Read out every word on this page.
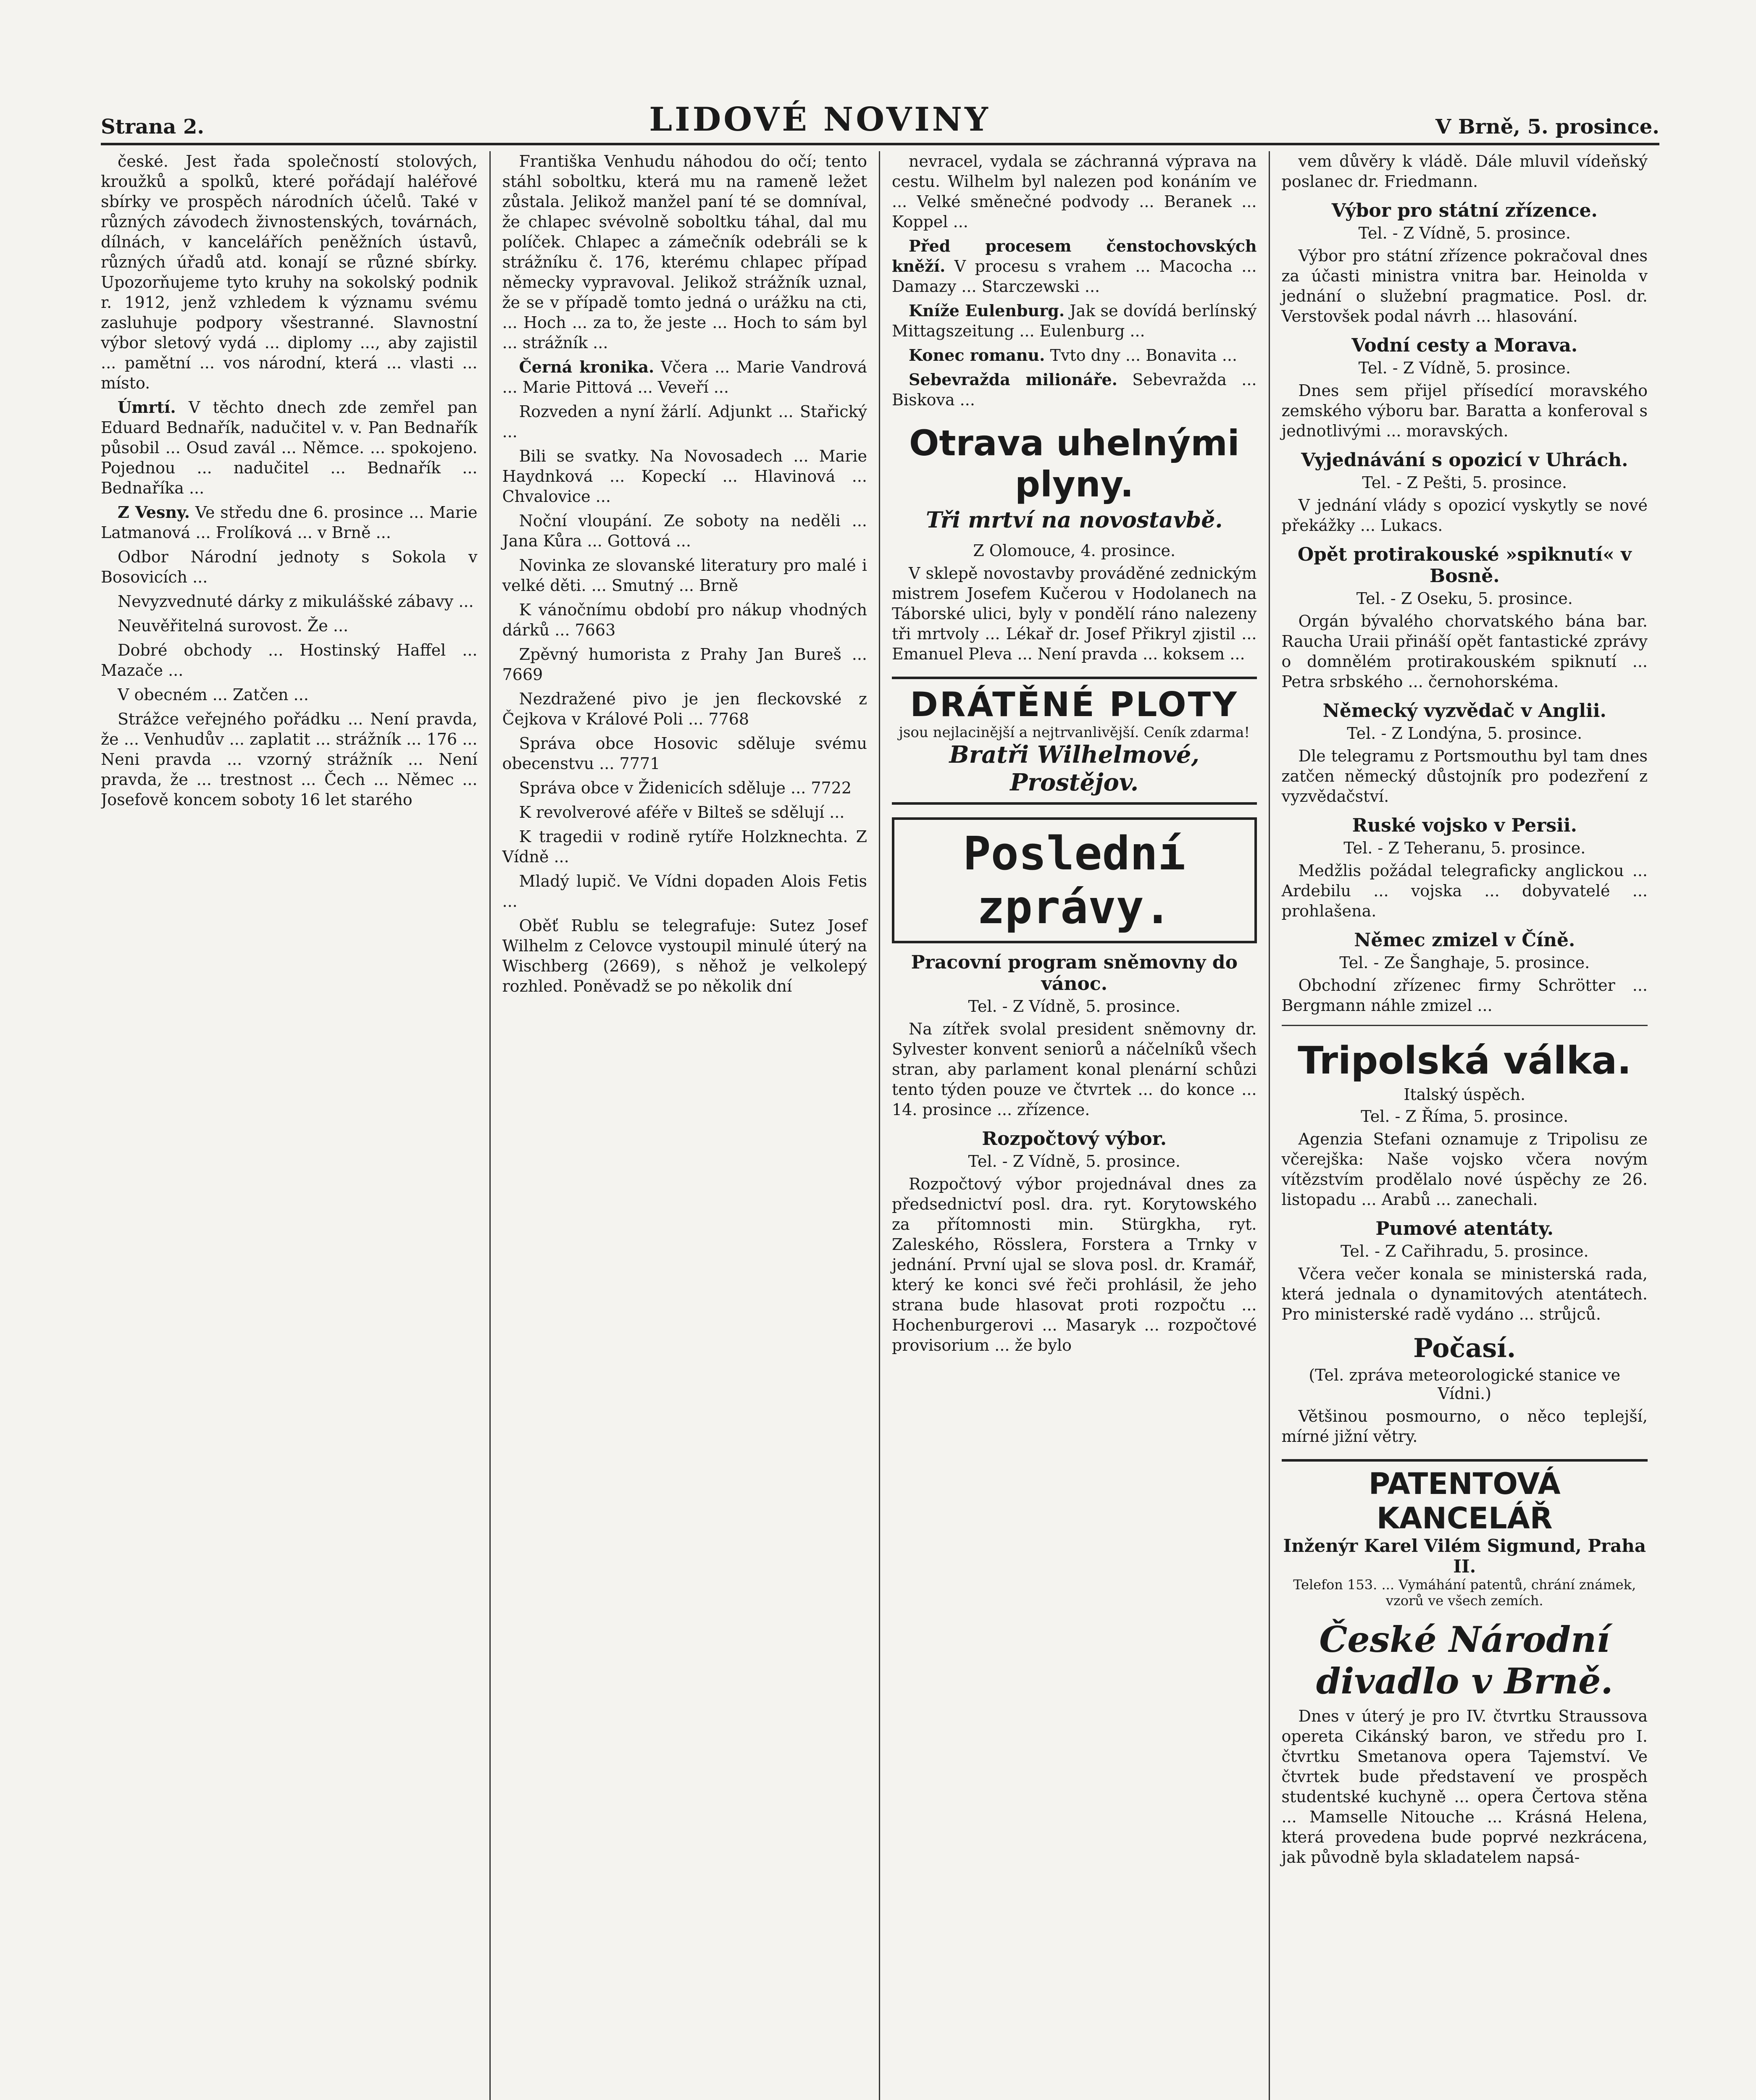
Strana 2.	LIDOVÉ NOVINY	V Brně, 5. prosince.

české. Jest řada společností stolových, kroužků a spolků, které pořádají haléřové sbírky ve prospěch národních účelů. Také v různých závodech živnostenských, továrnách, dílnách, v kancelářích peněžních ústavů, různých úřadů atd. konají se různé sbírky. Upozorňujeme tyto kruhy na sokolský podnik r. 1912, jenž vzhledem k významu svému zasluhuje podpory všestranné. Slavnostní výbor sletový vydá ... diplomy ..., aby zajistil ... pamětní ... vos národní, která ... vlasti ... místo.

Úmrtí. V těchto dnech zde zemřel pan Eduard Bednařík, nadučitel v. v. Pan Bednařík působil ... Osud zavál ... Němce. ... spokojeno. Pojednou ... nadučitel ... Bednařík ... Bednaříka ...

Z Vesny. Ve středu dne 6. prosince ... Marie Latmanová ... Frolíková ... v Brně ...

Odbor Národní jednoty s Sokola v Bosovicích ...

Nevyzvednuté dárky z mikulášské zábavy ...

Neuvěřitelná surovost. Že ...

Dobré obchody ... Hostinský Haffel ... Mazače ...

V obecném ... Zatčen ...

Strážce veřejného pořádku ... Není pravda, že ... Venhudův ... zaplatit ... strážník ... 176 ... Neni pravda ... vzorný strážník ... Není pravda, že ... trestnost ... Čech ... Němec ... Josefově koncem soboty 16 let starého

Františka Venhudu náhodou do očí; tento stáhl soboltku, která mu na rameně ležet zůstala. Jelikož manžel paní té se domníval, že chlapec svévolně soboltku táhal, dal mu políček. Chlapec a zámečník odebráli se k strážníku č. 176, kterému chlapec případ německy vypravoval. Jelikož strážník uznal, že se v případě tomto jedná o urážku na cti, ... Hoch ... za to, že jeste ... Hoch to sám byl ... strážník ...

Černá kronika. Včera ... Marie Vandrová ... Marie Pittová ... Veveří ...

Rozveden a nyní žárlí. Adjunkt ... Stařický ...

Bili se svatky. Na Novosadech ... Marie Haydnková ... Kopeckí ... Hlavinová ... Chvalovice ...

Noční vloupání. Ze soboty na neděli ... Jana Kůra ... Gottová ...

Novinka ze slovanské literatury pro malé i velké děti. ... Smutný ... Brně

K vánočnímu období pro nákup vhodných dárků ... 7663

Zpěvný humorista z Prahy Jan Bureš ... 7669

Nezdražené pivo je jen fleckovské z Čejkova v Králové Poli ... 7768

Správa obce Hosovic sděluje svému obecenstvu ... 7771

Správa obce v Židenicích sděluje ... 7722

K revolverové aféře v Bilteš se sdělují ...

K tragedii v rodině rytíře Holzknechta. Z Vídně ...

Mladý lupič. Ve Vídni dopaden Alois Fetis ...

Oběť Rublu se telegrafuje: Sutez Josef Wilhelm z Celovce vystoupil minulé úterý na Wischberg (2669), s něhož je velkolepý rozhled. Poněvadž se po několik dní

nevracel, vydala se záchranná výprava na cestu. Wilhelm byl nalezen pod konáním ve ... Velké směnečné podvody ... Beranek ... Koppel ...

Před procesem čenstochovských kněží. V procesu s vrahem ... Macocha ... Damazy ... Starczewski ...

Kníže Eulenburg. Jak se dovídá berlínský Mittagszeitung ... Eulenburg ...

Konec romanu. Tvto dny ... Bonavita ...

Sebevražda milionáře. Sebevražda ... Biskova ...

Otrava uhelnými plyny.
Tři mrtví na novostavbě.
Z Olomouce, 4. prosince.

V sklepě novostavby prováděné zednickým mistrem Josefem Kučerou v Hodolanech na Táborské ulici, byly v pondělí ráno nalezeny tři mrtvoly ... Lékař dr. Josef Přikryl zjistil ... Emanuel Pleva ... Není pravda ... koksem ...

DRÁTĚNÉ PLOTY
jsou nejlacinější a nejtrvanlivější. Ceník zdarma!
Bratři Wilhelmové, Prostějov.
Poslední zprávy.
Pracovní program sněmovny do vánoc.
Tel. - Z Vídně, 5. prosince.

Na zítřek svolal president sněmovny dr. Sylvester konvent seniorů a náčelníků všech stran, aby parlament konal plenární schůzi tento týden pouze ve čtvrtek ... do konce ... 14. prosince ... zřízence.

Rozpočtový výbor.
Tel. - Z Vídně, 5. prosince.

Rozpočtový výbor projednával dnes za předsednictví posl. dra. ryt. Korytowského za přítomnosti min. Stürgkha, ryt. Zaleského, Rösslera, Forstera a Trnky v jednání. První ujal se slova posl. dr. Kramář, který ke konci své řeči prohlásil, že jeho strana bude hlasovat proti rozpočtu ... Hochenburgerovi ... Masaryk ... rozpočtové provisorium ... že bylo

vem důvěry k vládě. Dále mluvil vídeňský poslanec dr. Friedmann.

Výbor pro státní zřízence.
Tel. - Z Vídně, 5. prosince.

Výbor pro státní zřízence pokračoval dnes za účasti ministra vnitra bar. Heinolda v jednání o služební pragmatice. Posl. dr. Verstovšek podal návrh ... hlasování.

Vodní cesty a Morava.
Tel. - Z Vídně, 5. prosince.

Dnes sem přijel přísedící moravského zemského výboru bar. Baratta a konferoval s jednotlivými ... moravských.

Vyjednávání s opozicí v Uhrách.
Tel. - Z Pešti, 5. prosince.

V jednání vlády s opozicí vyskytly se nové překážky ... Lukacs.

Opět protirakouské »spiknutí« v Bosně.
Tel. - Z Oseku, 5. prosince.

Orgán bývalého chorvatského bána bar. Raucha Uraii přináší opět fantastické zprávy o domnělém protirakouském spiknutí ... Petra srbského ... černohorskéma.

Německý vyzvědač v Anglii.
Tel. - Z Londýna, 5. prosince.

Dle telegramu z Portsmouthu byl tam dnes zatčen německý důstojník pro podezření z vyzvědačství.

Ruské vojsko v Persii.
Tel. - Z Teheranu, 5. prosince.

Medžlis požádal telegraficky anglickou ... Ardebilu ... vojska ... dobyvatelé ... prohlašena.

Němec zmizel v Číně.
Tel. - Ze Šanghaje, 5. prosince.

Obchodní zřízenec firmy Schrötter ... Bergmann náhle zmizel ...

Tripolská válka.
Italský úspěch.
Tel. - Z Říma, 5. prosince.

Agenzia Stefani oznamuje z Tripolisu ze včerejška: Naše vojsko včera novým vítězstvím prodělalo nové úspěchy ze 26. listopadu ... Arabů ... zanechali.

Pumové atentáty.
Tel. - Z Cařihradu, 5. prosince.

Včera večer konala se ministerská rada, která jednala o dynamitových atentátech. Pro ministerské radě vydáno ... strůjců.

Počasí.
(Tel. zpráva meteorologické stanice ve Vídni.)

Většinou posmourno, o něco teplejší, mírné jižní větry.

PATENTOVÁ KANCELÁŘ
Inženýr Karel Vilém Sigmund, Praha II.
Telefon 153. ... Vymáhání patentů, chrání známek, vzorů ve všech zemích.
České Národní divadlo v Brně.

Dnes v úterý je pro IV. čtvrtku Straussova opereta Cikánský baron, ve středu pro I. čtvrtku Smetanova opera Tajemství. Ve čtvrtek bude představení ve prospěch studentské kuchyně ... opera Čertova stěna ... Mamselle Nitouche ... Krásná Helena, která provedena bude poprvé nezkrácena, jak původně byla skladatelem napsá-
